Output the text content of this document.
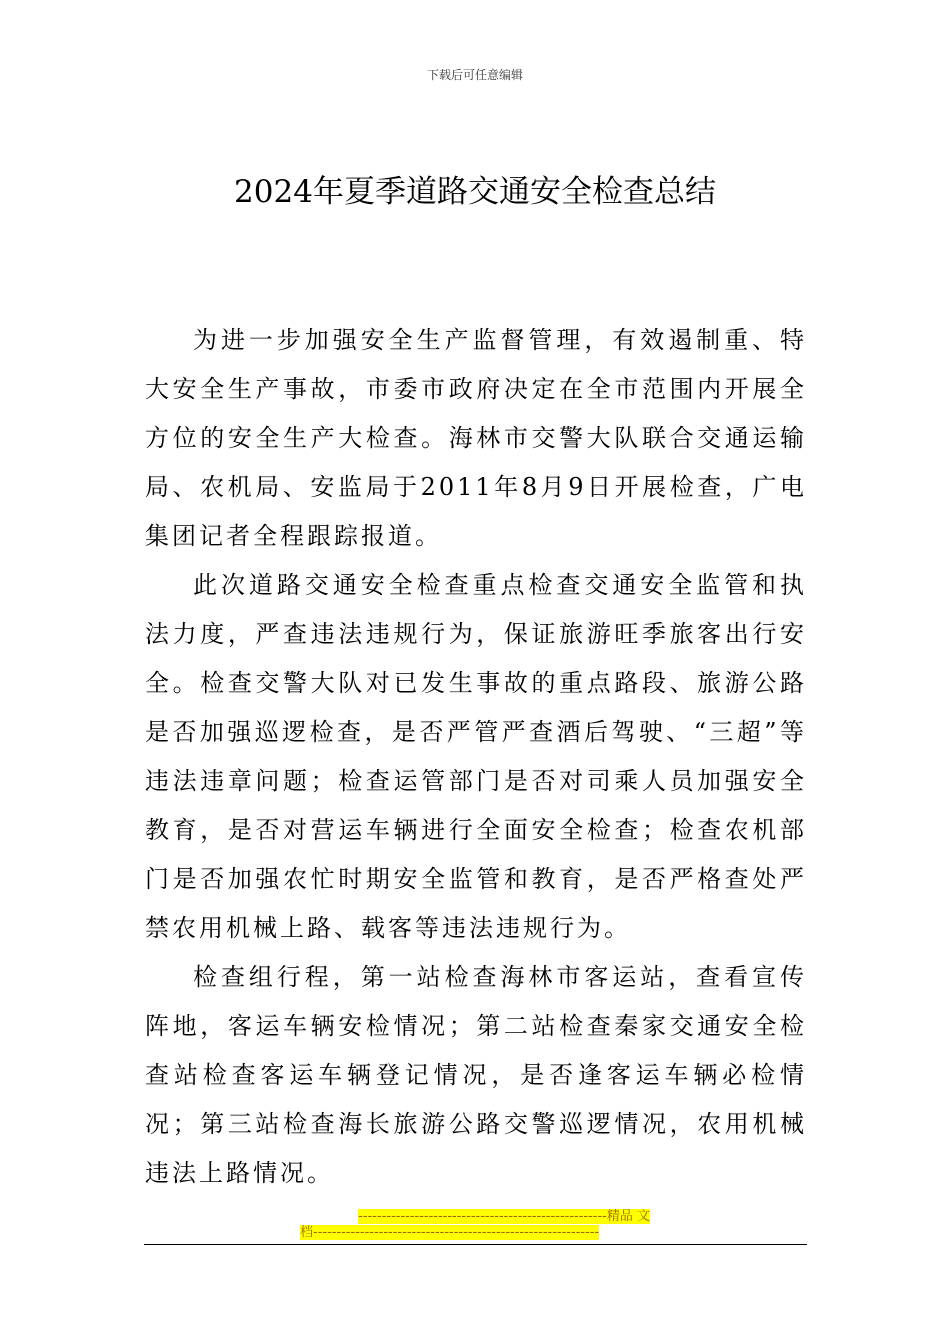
下载后可任意编辑
2024年夏季道路交通安全检查总结

为进一步加强安全生产监督管理，有效遏制重、特大安全生产事故，市委市政府决定在全市范围内开展全方位的安全生产大检查。海林市交警大队联合交通运输局、农机局、安监局于2011年8月9日开展检查，广电集团记者全程跟踪报道。

此次道路交通安全检查重点检查交通安全监管和执法力度，严查违法违规行为，保证旅游旺季旅客出行安全。检查交警大队对已发生事故的重点路段、旅游公路是否加强巡逻检查，是否严管严查酒后驾驶、“三超”等违法违章问题；检查运管部门是否对司乘人员加强安全教育，是否对营运车辆进行全面安全检查；检查农机部门是否加强农忙时期安全监管和教育，是否严格查处严禁农用机械上路、载客等违法违规行为。

检查组行程，第一站检查海林市客运站，查看宣传阵地，客运车辆安检情况；第二站检查秦家交通安全检查站检查客运车辆登记情况，是否逢客运车辆必检情况；第三站检查海长旅游公路交警巡逻情况，农用机械违法上路情况。

-----------------------------------------------------精品 文
档-------------------------------------------------------------
